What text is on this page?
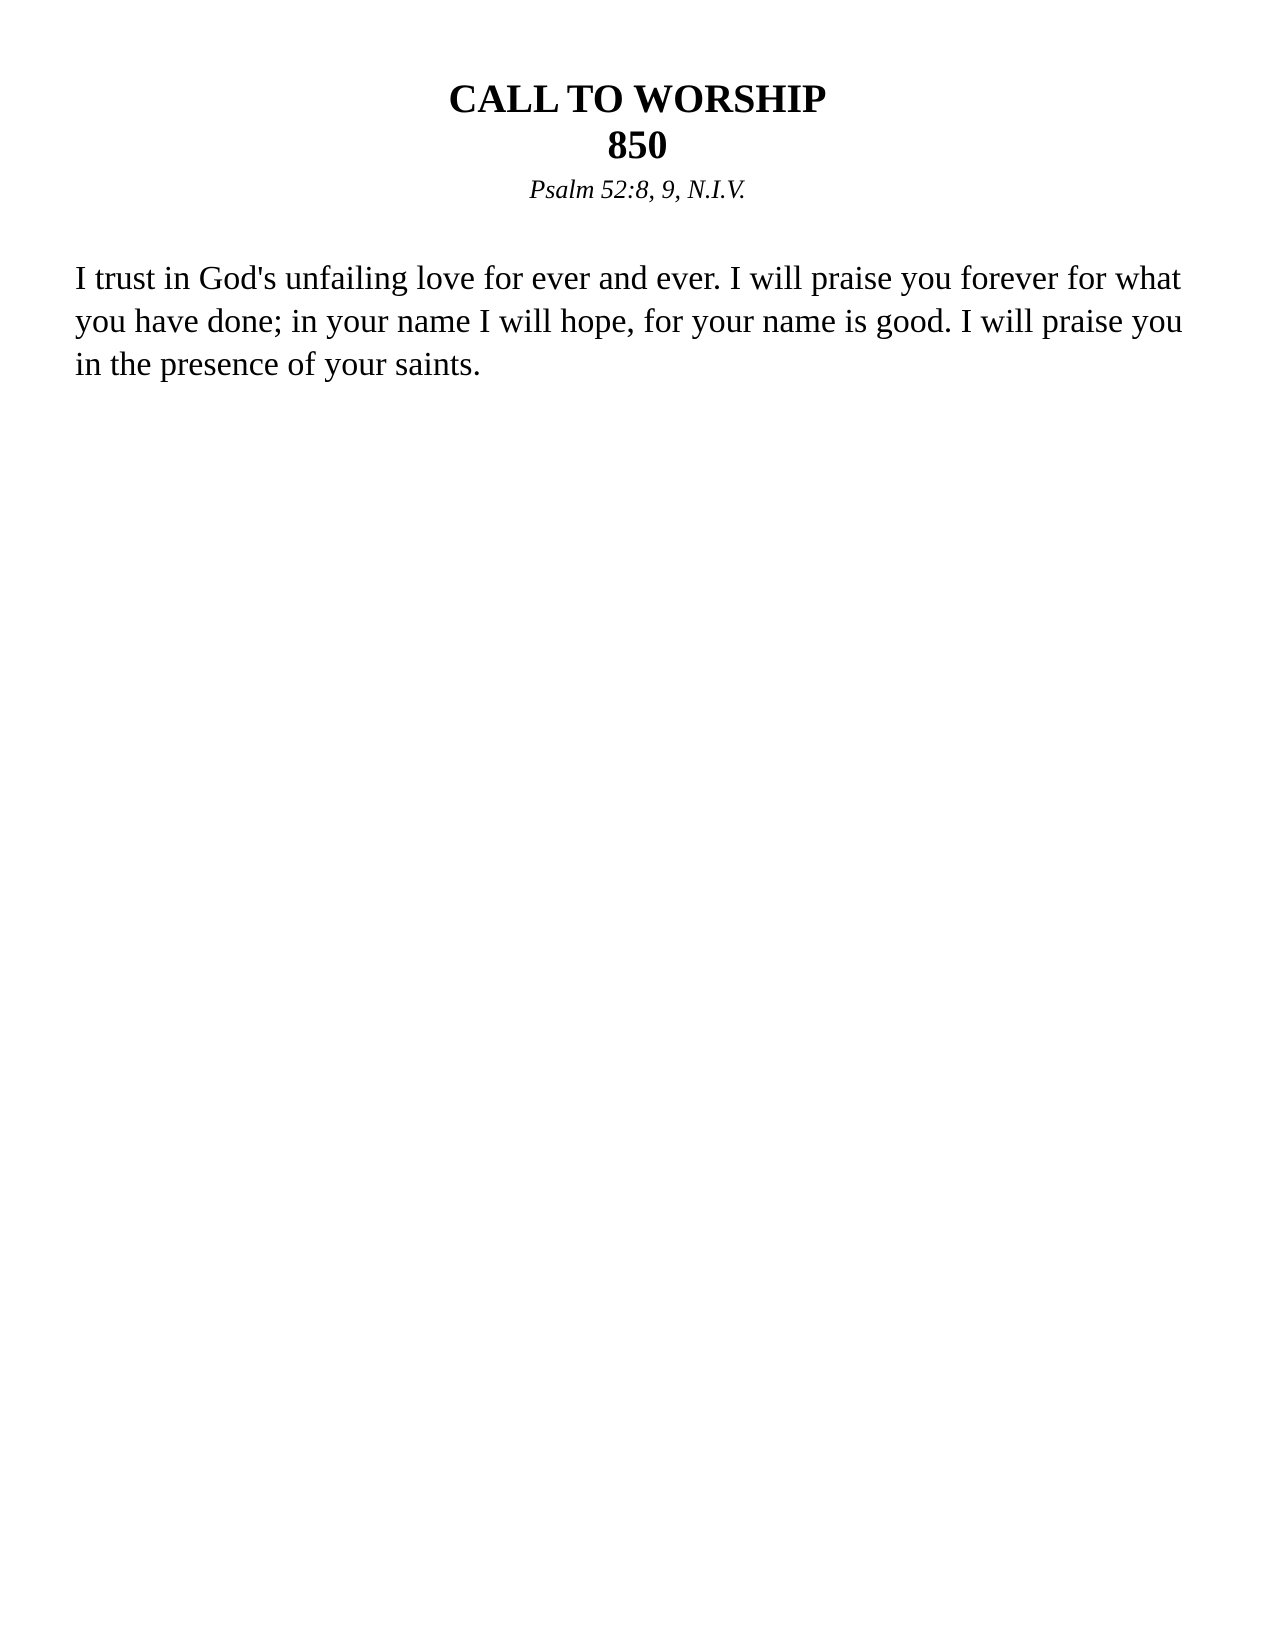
CALL TO WORSHIP
850
Psalm 52:8, 9, N.I.V.

I trust in God's unfailing love for ever and ever. I will praise you forever for what you have done; in your name I will hope, for your name is good. I will praise you in the presence of your saints.
